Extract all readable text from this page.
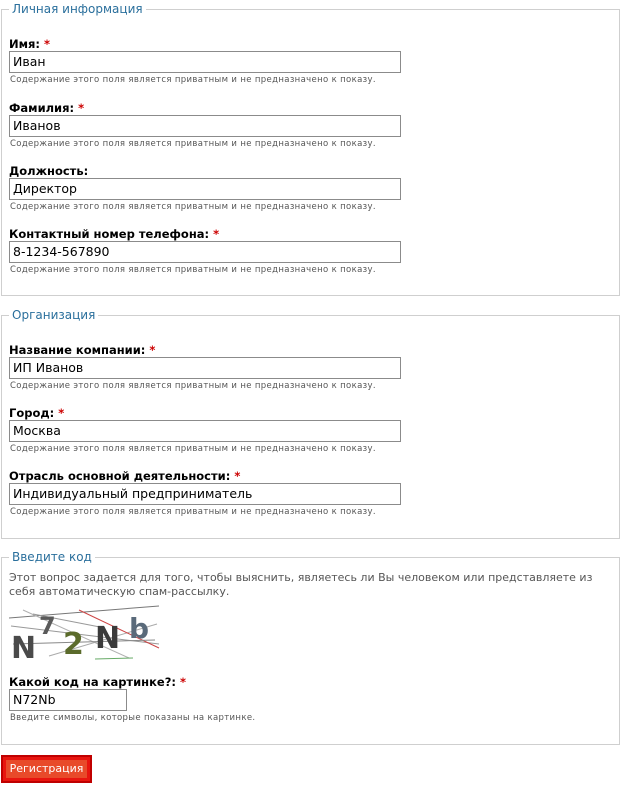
Личная информация
Имя: *
Иван
Содержание этого поля является приватным и не предназначено к показу.
Фамилия: *
Иванов
Содержание этого поля является приватным и не предназначено к показу.
Должность:
Директор
Содержание этого поля является приватным и не предназначено к показу.
Контактный номер телефона: *
8-1234-567890
Содержание этого поля является приватным и не предназначено к показу.
Организация
Название компании: *
ИП Иванов
Содержание этого поля является приватным и не предназначено к показу.
Город: *
Москва
Содержание этого поля является приватным и не предназначено к показу.
Отрасль основной деятельности: *
Индивидуальный предприниматель
Содержание этого поля является приватным и не предназначено к показу.
Введите код
Этот вопрос задается для того, чтобы выяснить, являетесь ли Вы человеком или представляете из себя автоматическую спам-рассылку.
N
7
2 N b
Какой код на картинке?: *
N72Nb
Введите символы, которые показаны на картинке.
Регистрация
